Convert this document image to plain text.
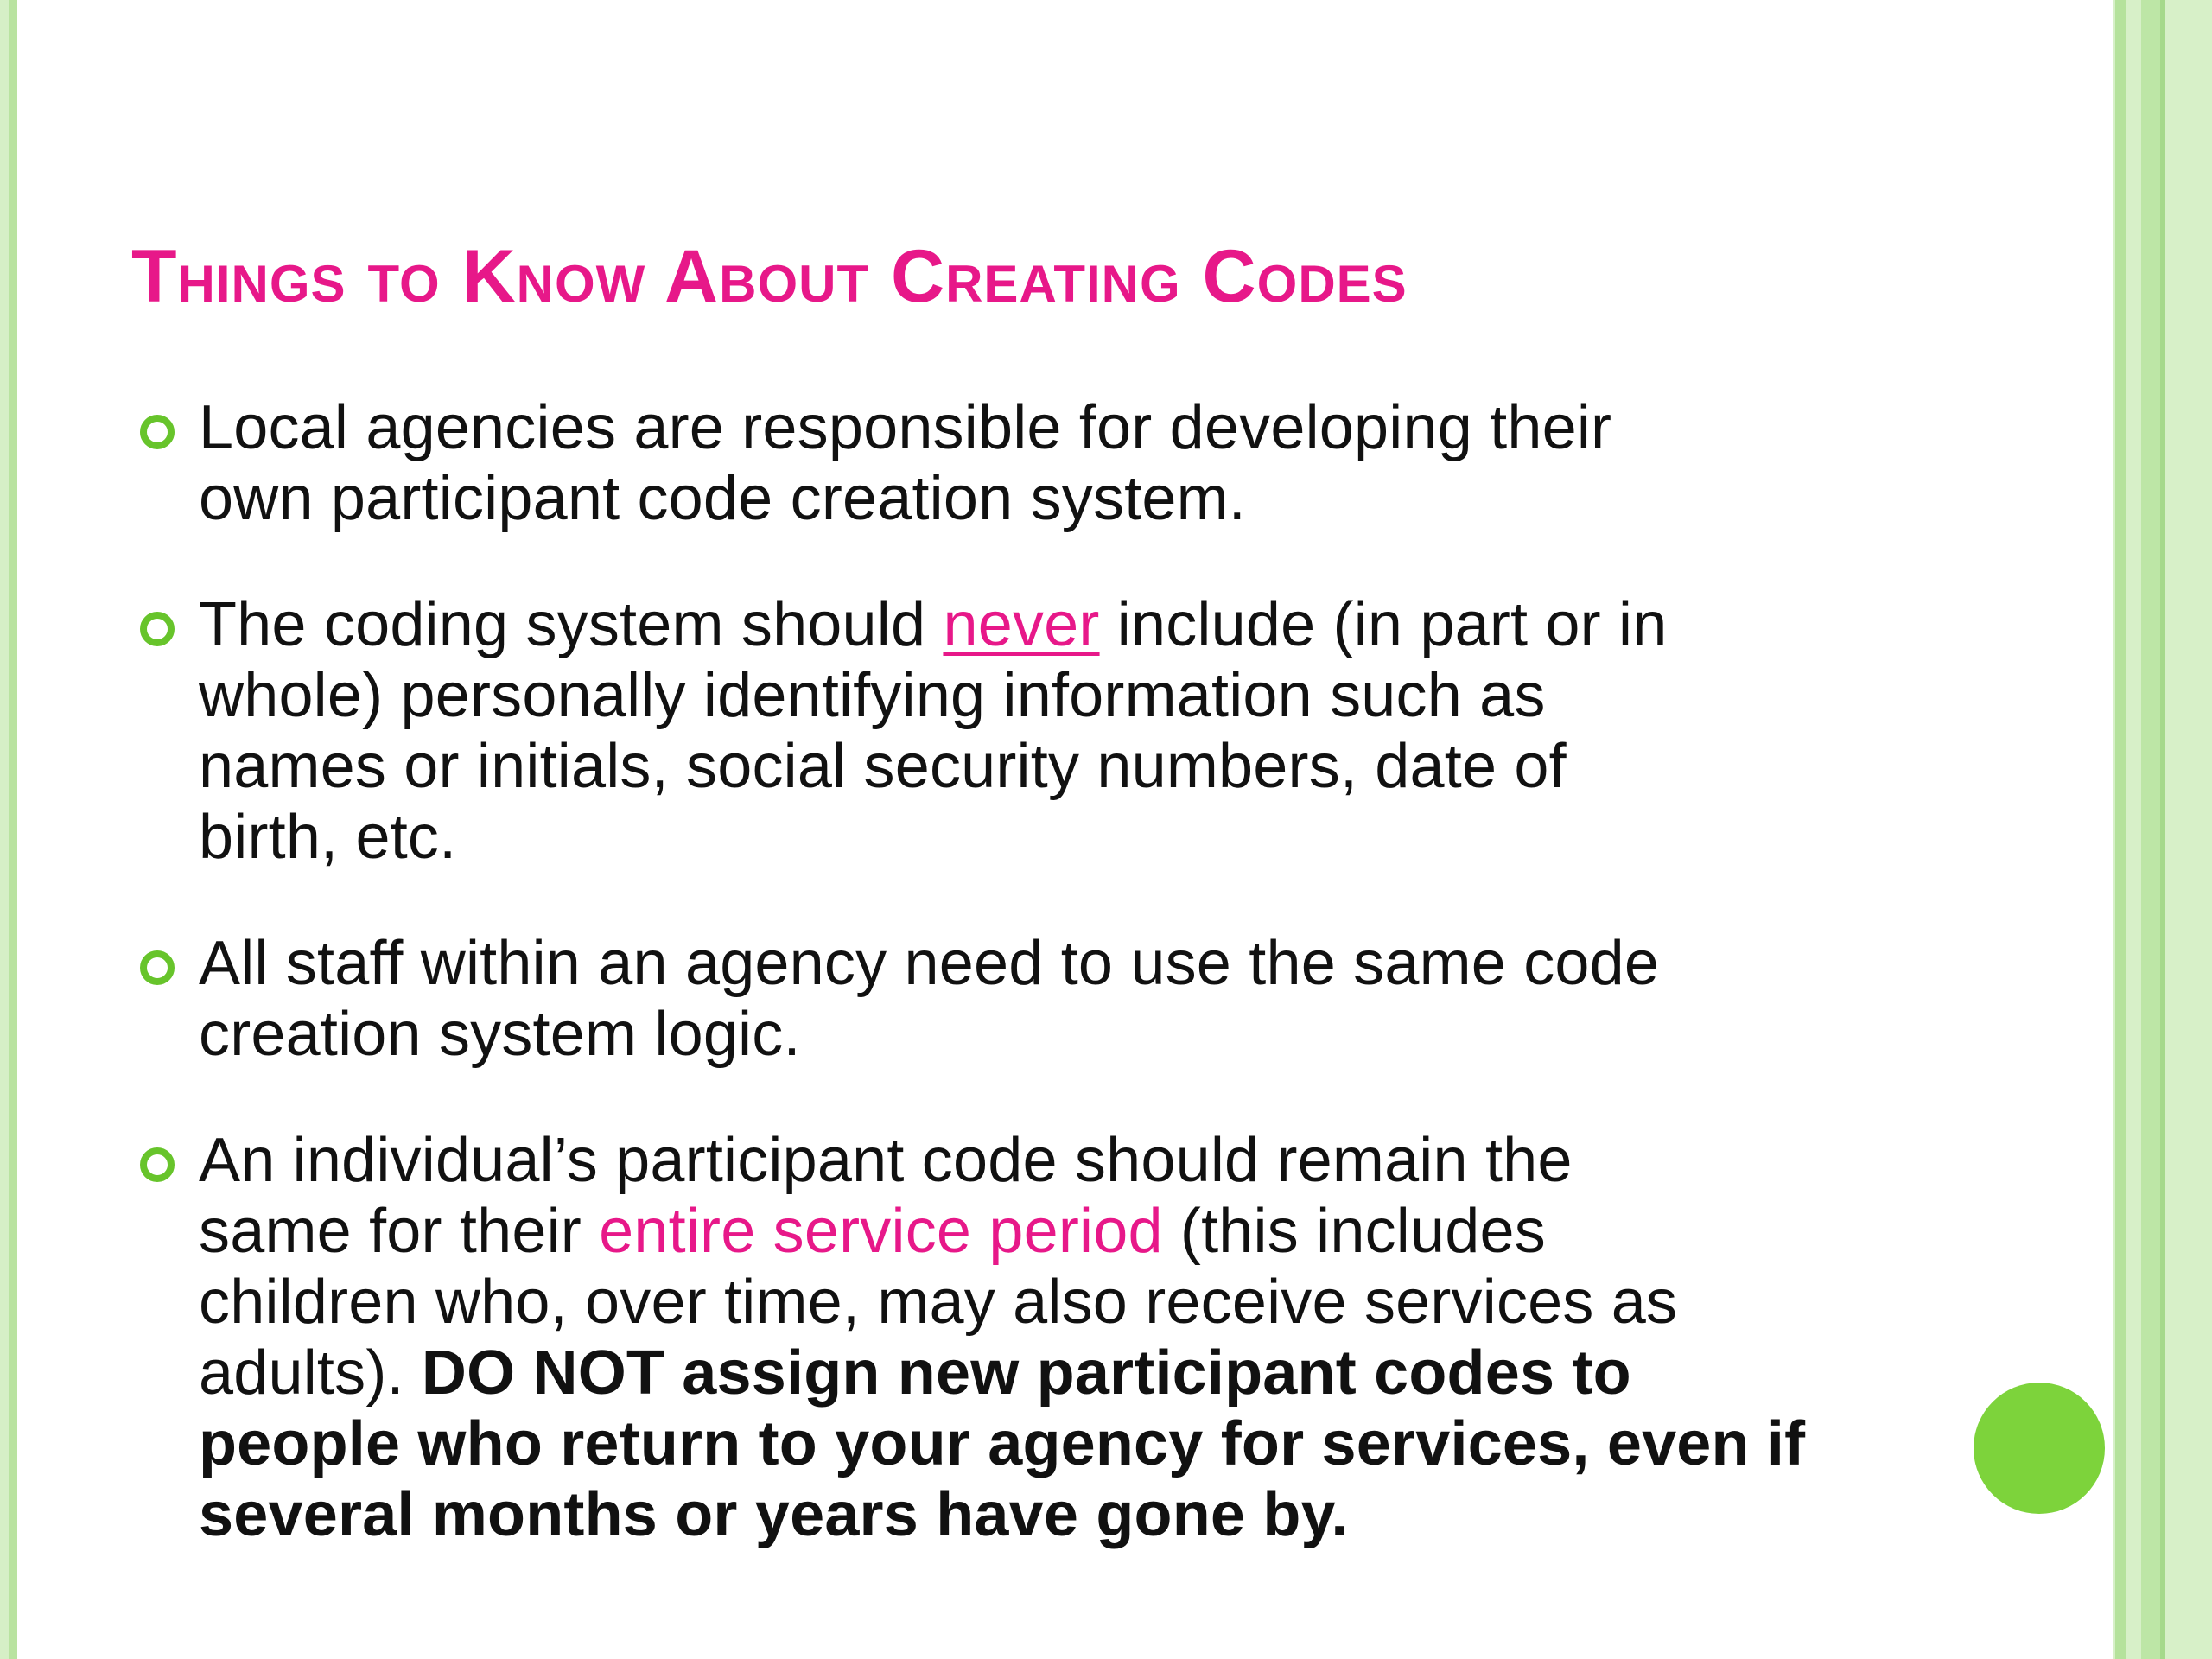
Things to Know About Creating Codes
Local agencies are responsible for developing their
own participant code creation system.
The coding system should never include (in part or in
whole) personally identifying information such as
names or initials, social security numbers, date of
birth, etc.
All staff within an agency need to use the same code
creation system logic.
An individual’s participant code should remain the
same for their entire service period (this includes
children who, over time, may also receive services as
adults). DO NOT assign new participant codes to
people who return to your agency for services, even if
several months or years have gone by.
